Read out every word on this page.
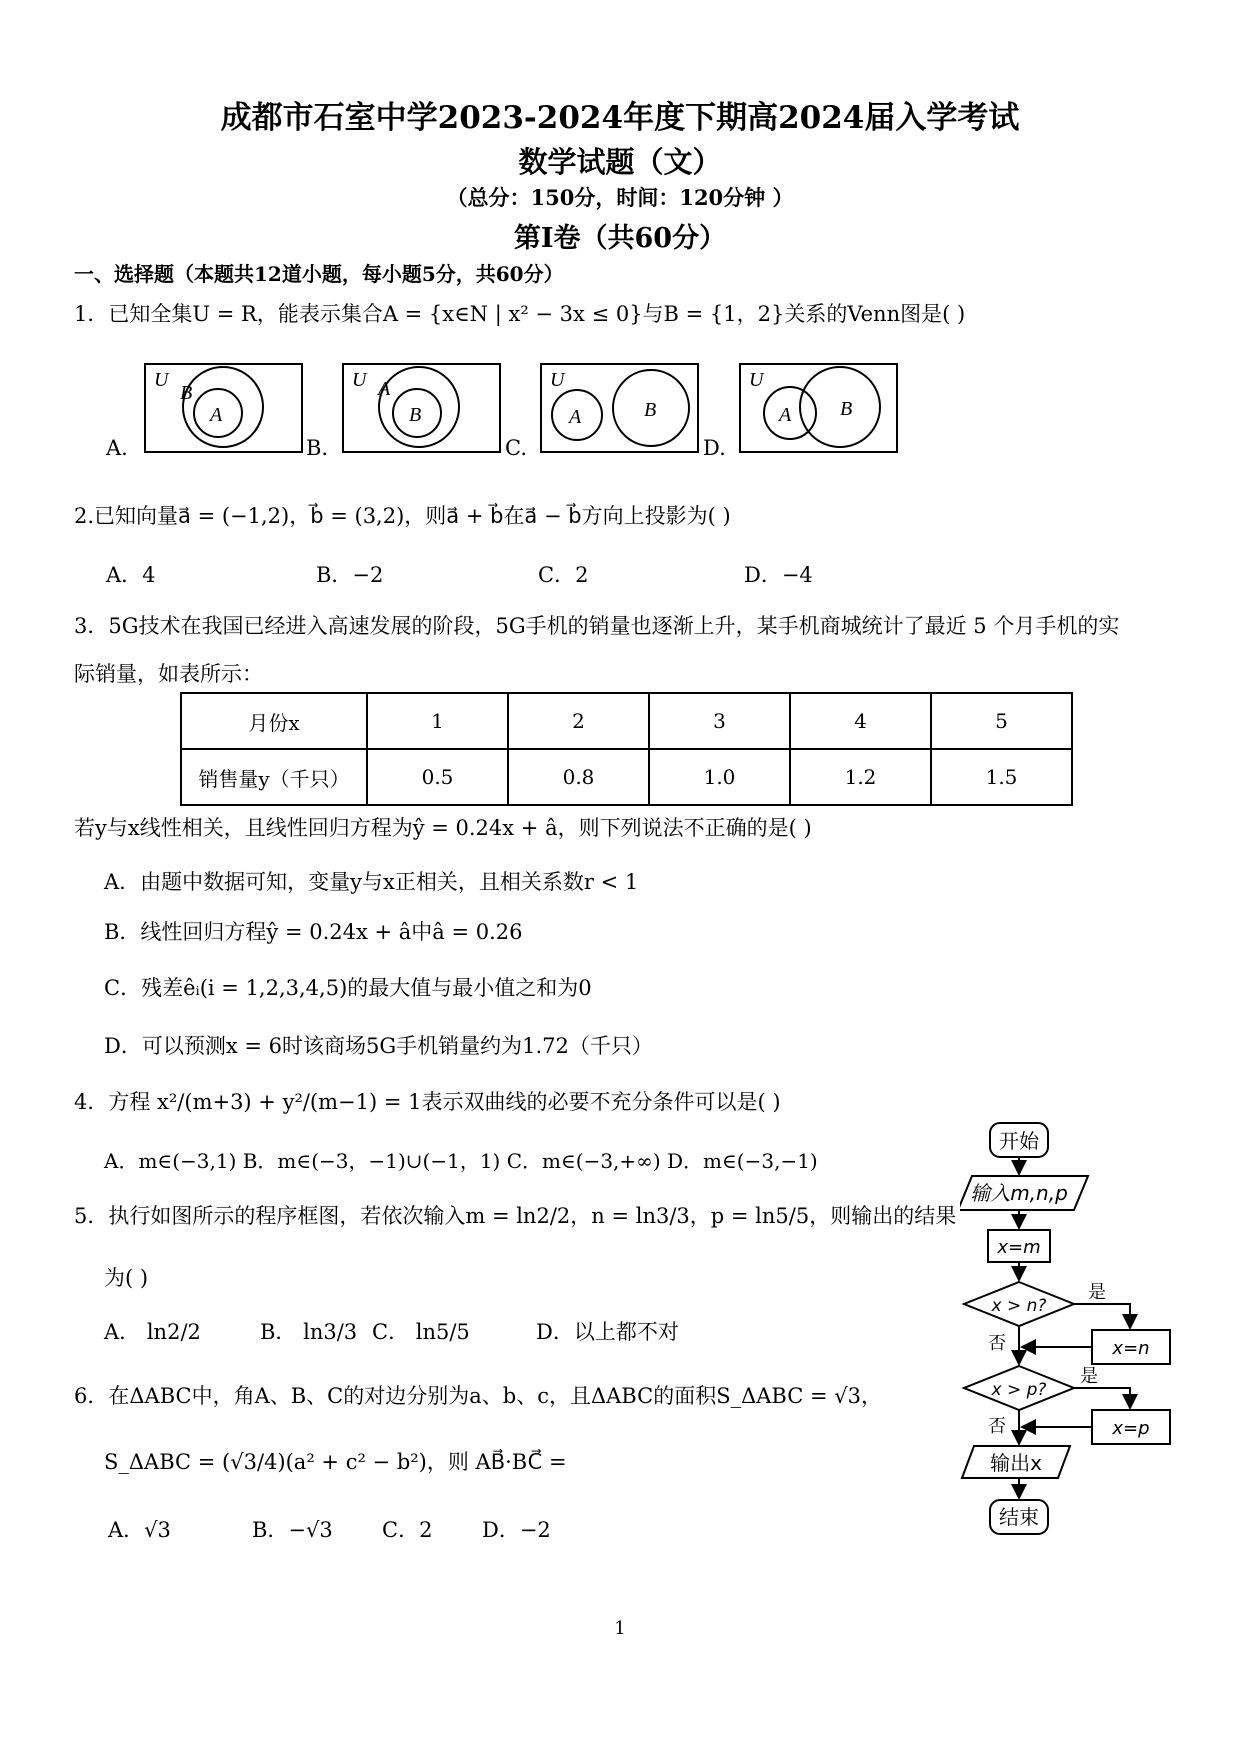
成都市石室中学2023-2024年度下期高2024届入学考试
数学试题（文）
（总分：150分，时间：120分钟 ）
第Ⅰ卷（共60分）
一、选择题（本题共12道小题，每小题5分，共60分）
1．已知全集U = R，能表示集合A = {x∈N | x² − 3x ≤ 0}与B = {1，2}关系的Venn图是( )
A.
U
B
A
B.
U A
B
C.
U
A	B
D.
U
A B
2.已知向量a⃗ = (−1,2)，b⃗ = (3,2)，则a⃗ + b⃗在a⃗ − b⃗方向上投影为( )
A．4	B．−2	C．2	D．−4
3．5G技术在我国已经进入高速发展的阶段，5G手机的销量也逐渐上升，某手机商城统计了最近 5 个月手机的实
际销量，如表所示：
月份x	1	2	3	4	5
销售量y（千只）	0.5	0.8	1.0	1.2	1.5
若y与x线性相关，且线性回归方程为ŷ = 0.24x + â，则下列说法不正确的是( )
A．由题中数据可知，变量y与x正相关，且相关系数r < 1
B．线性回归方程ŷ = 0.24x + â中â = 0.26
C．残差êᵢ(i = 1,2,3,4,5)的最大值与最小值之和为0
D．可以预测x = 6时该商场5G手机销量约为1.72（千只）
4．方程 x²/(m+3) + y²/(m−1) = 1表示双曲线的必要不充分条件可以是( )
A．m∈(−3,1) B．m∈(−3，−1)∪(−1，1) C．m∈(−3,+∞) D．m∈(−3,−1)
5．执行如图所示的程序框图，若依次输入m = ln2/2，n = ln3/3，p = ln5/5，则输出的结果
为( )
A． ln2/2	B． ln3/3 C． ln5/5	D．以上都不对
6．在ΔABC中，角A、B、C的对边分别为a、b、c，且ΔABC的面积S_ΔABC = √3，
S_ΔABC = (√3/4)(a² + c² − b²)，则 AB⃗·BC⃗ =
A．√3	B．−√3 C．2 D．−2
开始
输入m,n,p
x=m
x > n?
是
否	x=n
x > p?
是
否	x=p
输出x
结束
1
